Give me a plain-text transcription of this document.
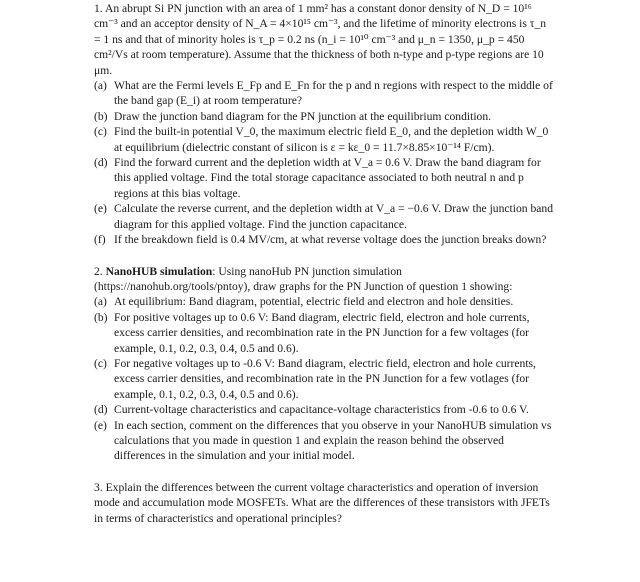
1. An abrupt Si PN junction with an area of 1 mm² has a constant donor density of N_D = 10¹⁶ cm⁻³ and an acceptor density of N_A = 4×10¹⁵ cm⁻³, and the lifetime of minority electrons is τ_n = 1 ns and that of minority holes is τ_p = 0.2 ns (n_i = 10¹⁰ cm⁻³ and μ_n = 1350, μ_p = 450 cm²/Vs at room temperature). Assume that the thickness of both n-type and p-type regions are 10 μm.

(a) What are the Fermi levels E_Fp and E_Fn for the p and n regions with respect to the middle of the band gap (E_i) at room temperature?
(b) Draw the junction band diagram for the PN junction at the equilibrium condition.
(c) Find the built-in potential V_0, the maximum electric field E_0, and the depletion width W_0 at equilibrium (dielectric constant of silicon is ε = kε_0 = 11.7×8.85×10⁻¹⁴ F/cm).
(d) Find the forward current and the depletion width at V_a = 0.6 V. Draw the band diagram for this applied voltage. Find the total storage capacitance associated to both neutral n and p regions at this bias voltage.
(e) Calculate the reverse current, and the depletion width at V_a = −0.6 V. Draw the junction band diagram for this applied voltage. Find the junction capacitance.
(f) If the breakdown field is 0.4 MV/cm, at what reverse voltage does the junction breaks down?

2. NanoHUB simulation: Using nanoHub PN junction simulation (https://nanohub.org/tools/pntoy), draw graphs for the PN Junction of question 1 showing:

(a) At equilibrium: Band diagram, potential, electric field and electron and hole densities.
(b) For positive voltages up to 0.6 V: Band diagram, electric field, electron and hole currents, excess carrier densities, and recombination rate in the PN Junction for a few voltages (for example, 0.1, 0.2, 0.3, 0.4, 0.5 and 0.6).
(c) For negative voltages up to -0.6 V: Band diagram, electric field, electron and hole currents, excess carrier densities, and recombination rate in the PN Junction for a few votlages (for example, 0.1, 0.2, 0.3, 0.4, 0.5 and 0.6).
(d) Current-voltage characteristics and capacitance-voltage characteristics from -0.6 to 0.6 V.
(e) In each section, comment on the differences that you observe in your NanoHUB simulation vs calculations that you made in question 1 and explain the reason behind the observed differences in the simulation and your initial model.

3. Explain the differences between the current voltage characteristics and operation of inversion mode and accumulation mode MOSFETs. What are the differences of these transistors with JFETs in terms of characteristics and operational principles?
